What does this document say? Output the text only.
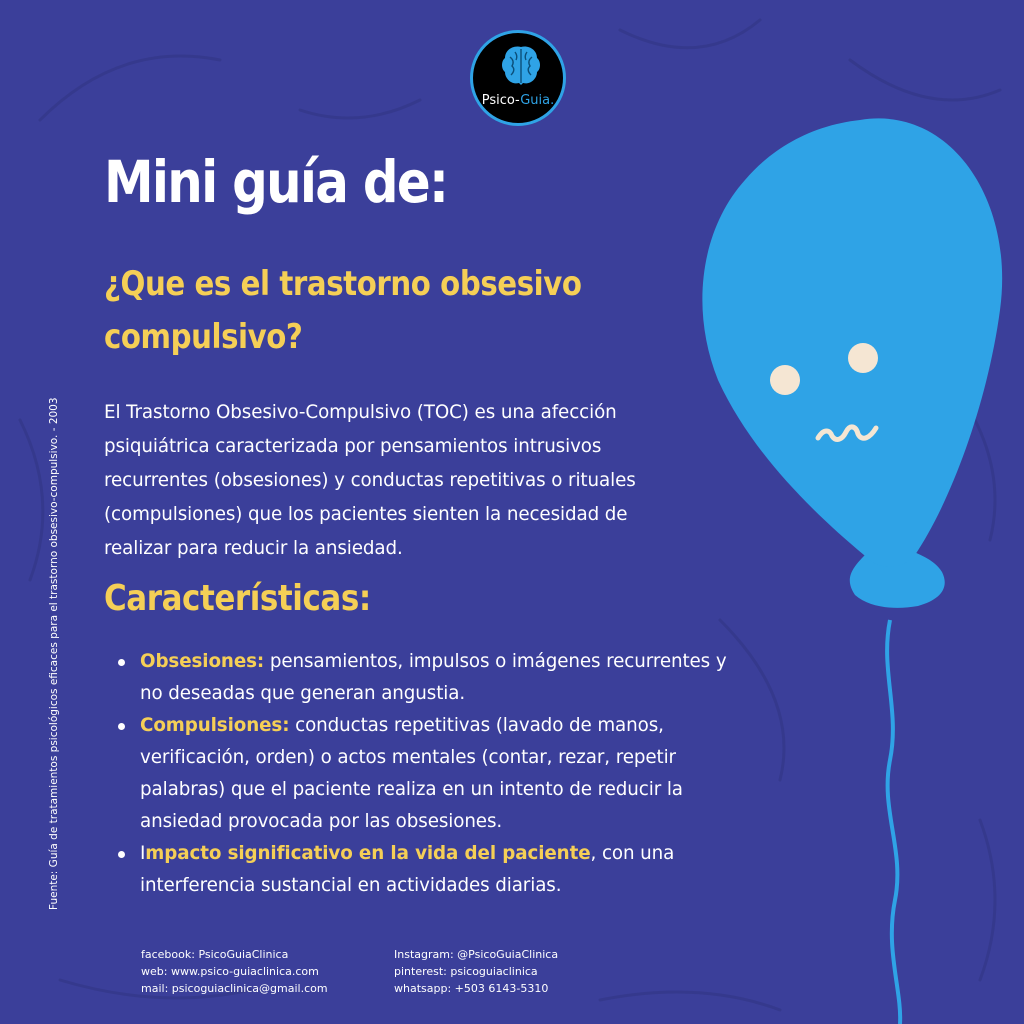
Psico-Guia.
Mini guía de:
¿Que es el trastorno obsesivo compulsivo?

El Trastorno Obsesivo-Compulsivo (TOC) es una afección psiquiátrica caracterizada por pensamientos intrusivos recurrentes (obsesiones) y conductas repetitivas o rituales (compulsiones) que los pacientes sienten la necesidad de realizar para reducir la ansiedad.

Características:
Obsesiones: pensamientos, impulsos o imágenes recurrentes y no deseadas que generan angustia.
Compulsiones: conductas repetitivas (lavado de manos, verificación, orden) o actos mentales (contar, rezar, repetir palabras) que el paciente realiza en un intento de reducir la ansiedad provocada por las obsesiones.
Impacto significativo en la vida del paciente, con una interferencia sustancial en actividades diarias.
Fuente: Guía de tratamientos psicológicos eficaces para el trastorno obsesivo-compulsivo. - 2003
facebook: PsicoGuiaClinica
web: www.psico-guiaclinica.com
mail: psicoguiaclinica@gmail.com
Instagram: @PsicoGuiaClinica
pinterest: psicoguiaclinica
whatsapp: +503 6143-5310
